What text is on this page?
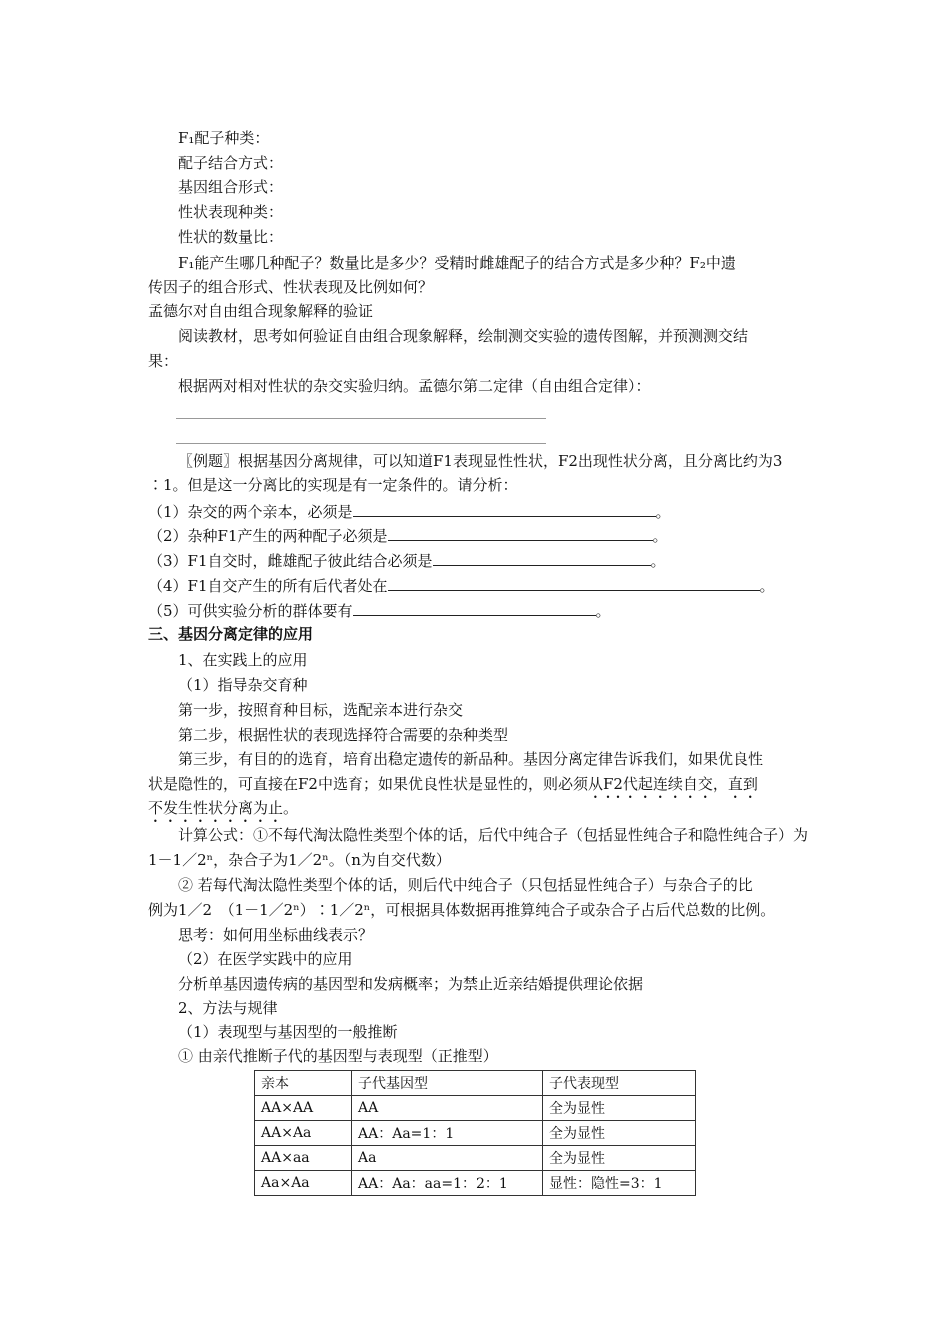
F₁配子种类：
配子结合方式：
基因组合形式：
性状表现种类：
性状的数量比：
F₁能产生哪几种配子？数量比是多少？受精时雌雄配子的结合方式是多少种？F₂中遗
传因子的组合形式、性状表现及比例如何？
孟德尔对自由组合现象解释的验证
阅读教材，思考如何验证自由组合现象解释，绘制测交实验的遗传图解，并预测测交结
果：
根据两对相对性状的杂交实验归纳。孟德尔第二定律（自由组合定律）：
〖例题〗根据基因分离规律，可以知道F1表现显性性状，F2出现性状分离，且分离比约为3
∶1。但是这一分离比的实现是有一定条件的。请分析：
（1）杂交的两个亲本，必须是	。
（2）杂种F1产生的两种配子必须是	。
（3）F1自交时，雌雄配子彼此结合必须是	。
（4）F1自交产生的所有后代者处在	。
（5）可供实验分析的群体要有	。
三、基因分离定律的应用
1、在实践上的应用
（1）指导杂交育种
第一步，按照育种目标，选配亲本进行杂交
第二步，根据性状的表现选择符合需要的杂种类型
第三步，有目的的选育，培育出稳定遗传的新品种。基因分离定律告诉我们，如果优良性
状是隐性的，可直接在F2中选育；如果优良性状是显性的，则必须从F2代起连续自交，直到
不发生性状分离为止。
计算公式：①不每代淘汰隐性类型个体的话，后代中纯合子（包括显性纯合子和隐性纯合子）为
1－1／2ⁿ，杂合子为1／2ⁿ。（n为自交代数）
② 若每代淘汰隐性类型个体的话，则后代中纯合子（只包括显性纯合子）与杂合子的比
例为1／2　（1－1／2ⁿ）∶1／2ⁿ，可根据具体数据再推算纯合子或杂合子占后代总数的比例。
思考：如何用坐标曲线表示？
（2）在医学实践中的应用
分析单基因遗传病的基因型和发病概率；为禁止近亲结婚提供理论依据
2、方法与规律
（1）表现型与基因型的一般推断
① 由亲代推断子代的基因型与表现型（正推型）
亲本	子代基因型	子代表现型
AA×AA	AA	全为显性
AA×Aa	AA：Aa=1：1	全为显性
AA×aa	Aa	全为显性
Aa×Aa	AA：Aa：aa=1：2：1	显性：隐性=3：1
